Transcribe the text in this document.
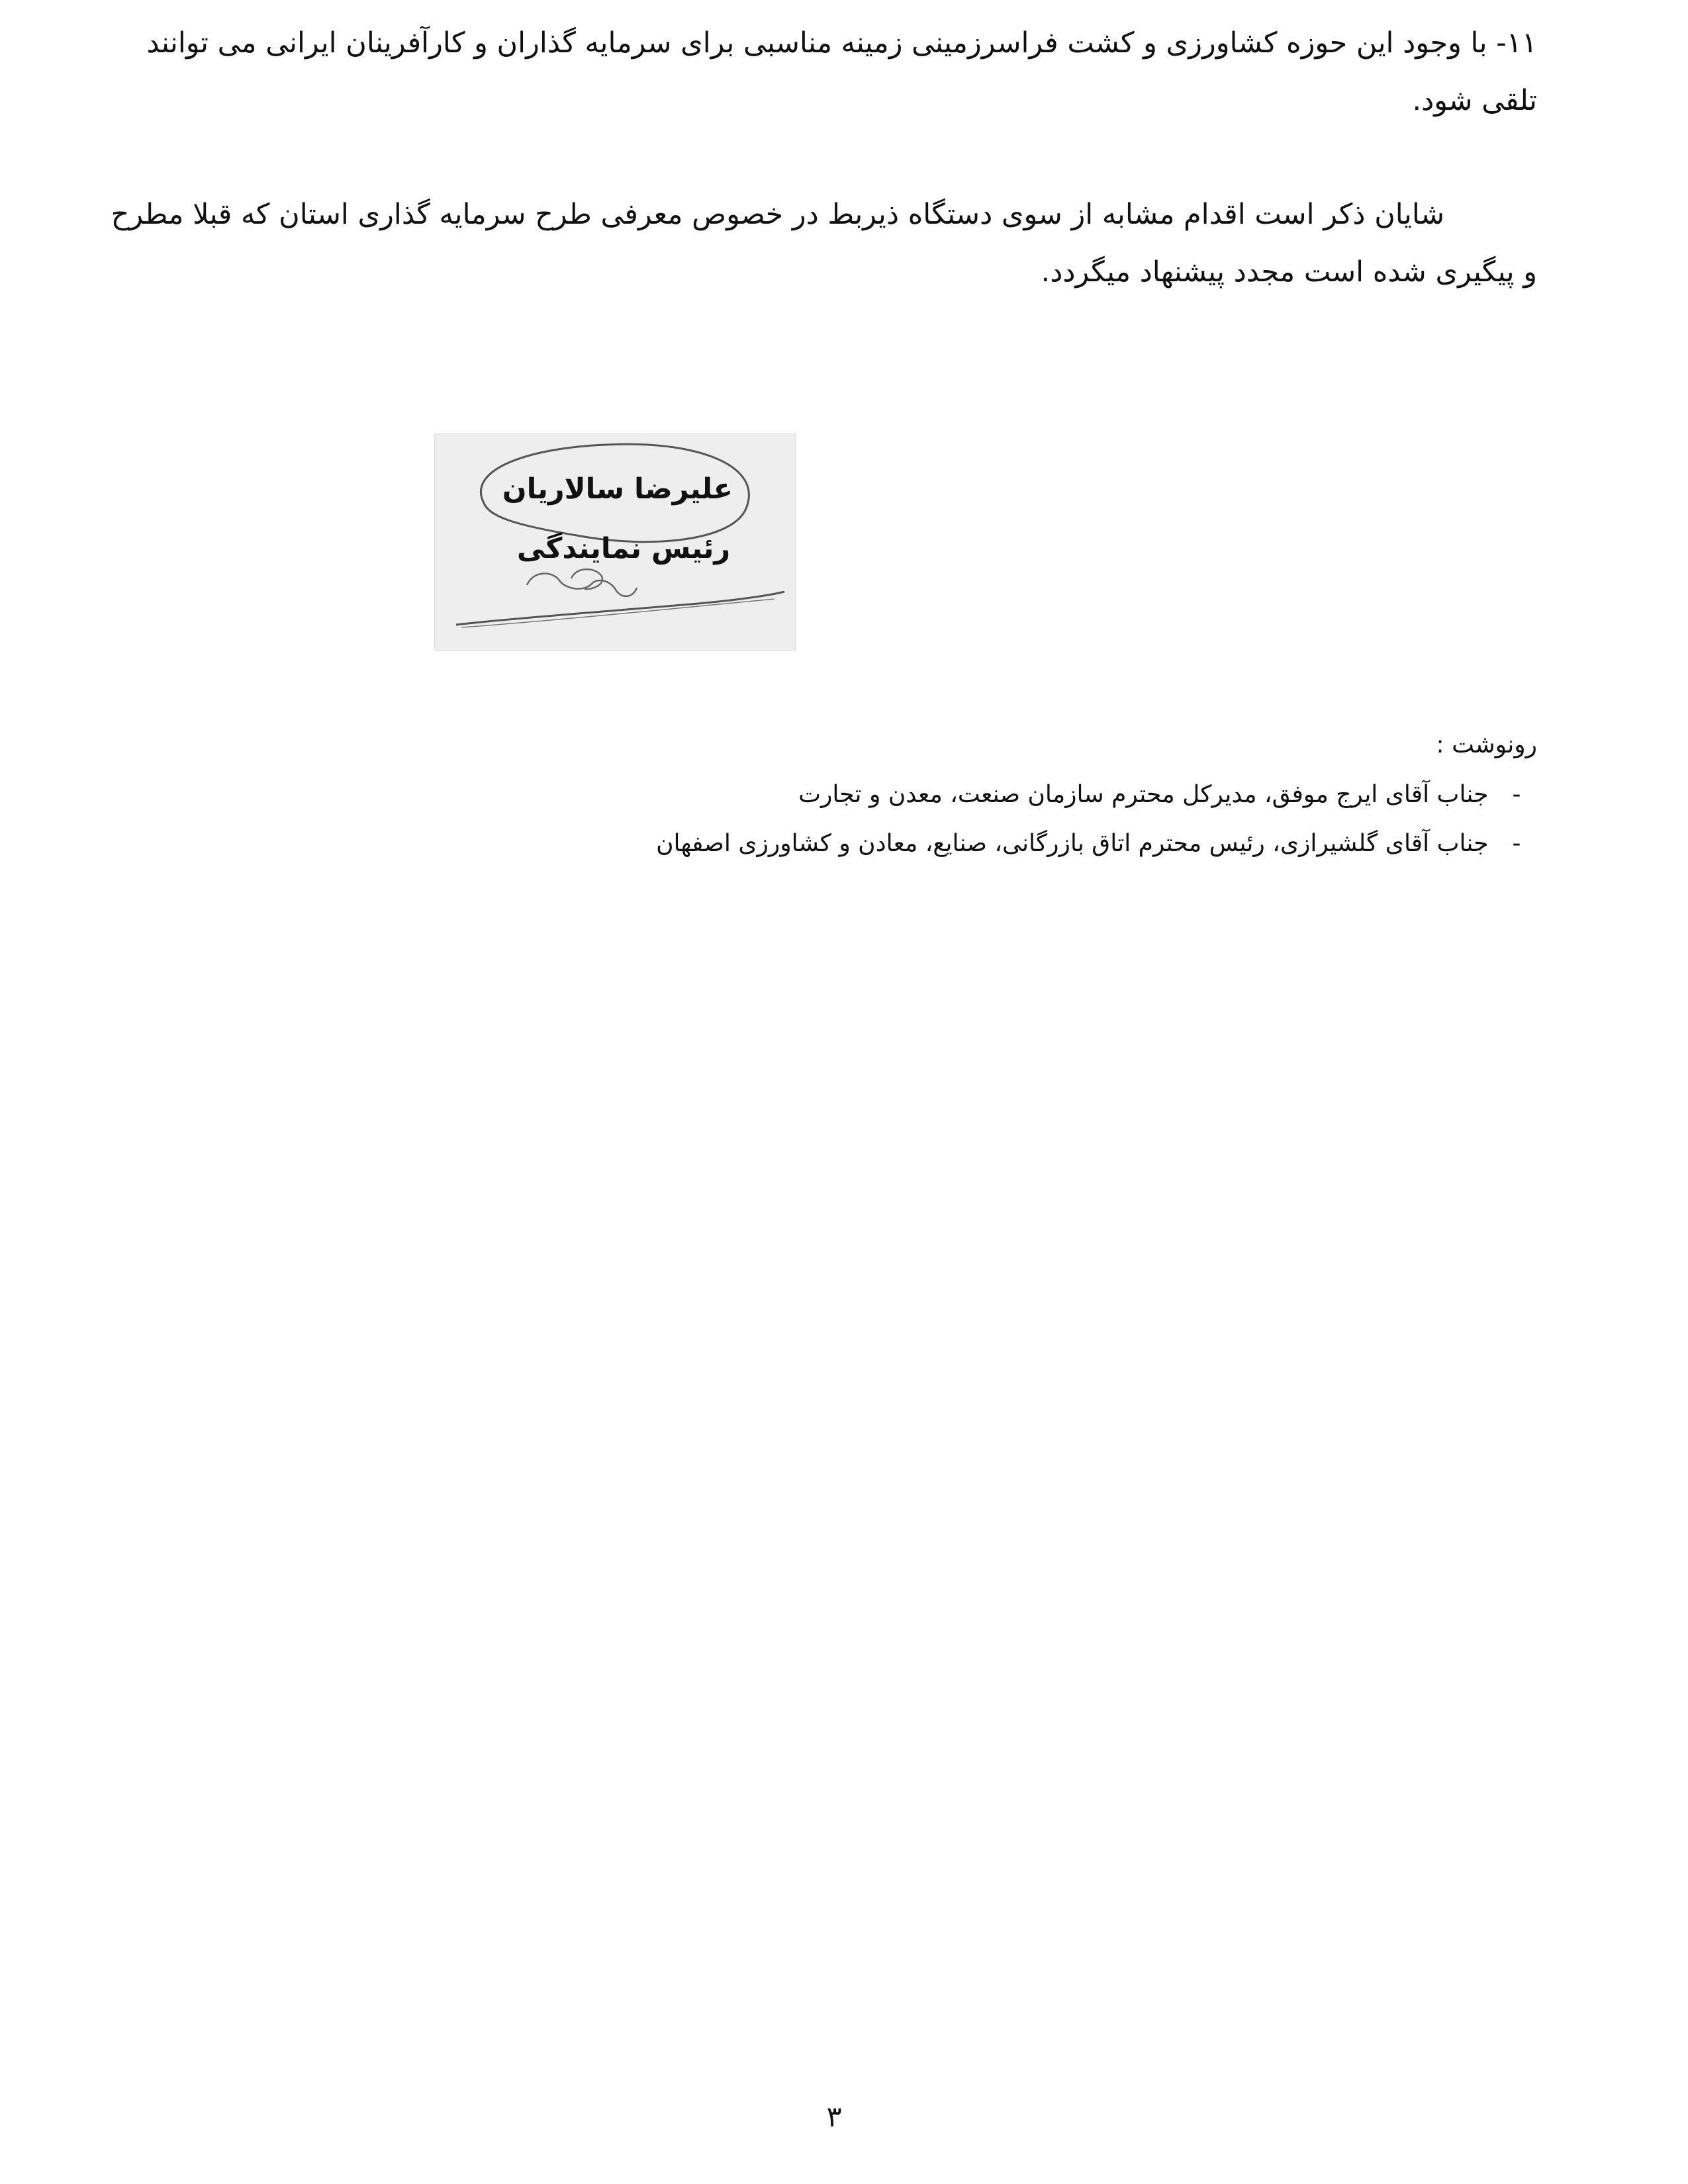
۱۱- با وجود این حوزه کشاورزی و کشت فراسرزمینی زمینه مناسبی برای سرمایه گذاران و کارآفرینان ایرانی می توانند
تلقی شود.
شایان ذکر است اقدام مشابه از سوی دستگاه ذیربط در خصوص معرفی طرح سرمایه گذاری استان که قبلا مطرح
و پیگیری شده است مجدد پیشنهاد میگردد.
علیرضا سالاریان
رئیس نمایندگی
رونوشت :
- جناب آقای ایرج موفق، مدیرکل محترم سازمان صنعت، معدن و تجارت
- جناب آقای گلشیرازی، رئیس محترم اتاق بازرگانی، صنایع، معادن و کشاورزی اصفهان
۳
